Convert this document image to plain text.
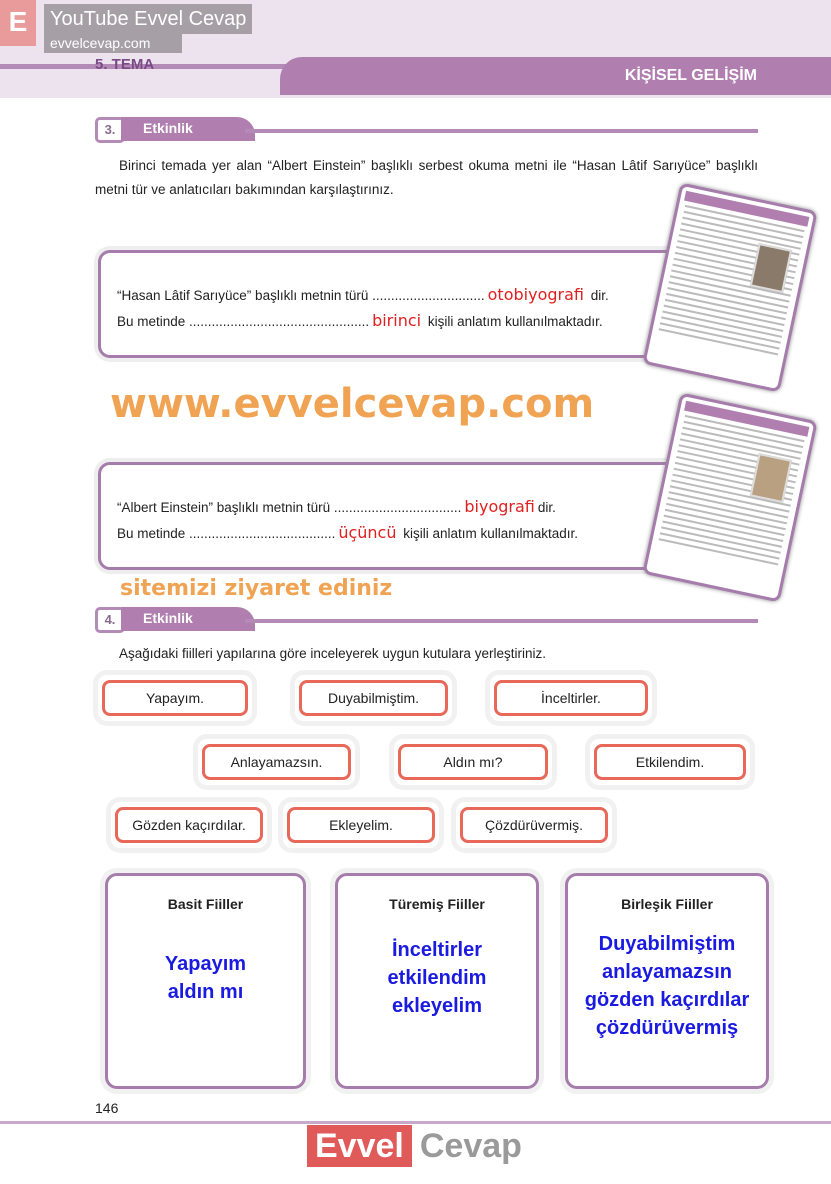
KİŞİSEL GELİŞİM
5. TEMA
E	YouTube Evvel Cevap
evvelcevap.com
3.	Etkinlik

Birinci temada yer alan “Albert Einstein” başlıklı serbest okuma metni ile “Hasan Lâtif Sarıyüce” başlıklı metni tür ve anlatıcıları bakımından karşılaştırınız.

“Hasan Lâtif Sarıyüce” başlıklı metnin türü .............................. otobiyografi dir.
Bu metinde ................................................ birinci kişili anlatım kullanılmaktadır.
“Albert Einstein” başlıklı metnin türü .................................. biyografi dir.
Bu metinde ....................................... üçüncü kişili anlatım kullanılmaktadır.
www.evvelcevap.com
sitemizi ziyaret ediniz
4.	Etkinlik

Aşağıdaki fiilleri yapılarına göre inceleyerek uygun kutulara yerleştiriniz.

Yapayım.	Duyabilmiştim.	İnceltirler.
Anlayamazsın.	Aldın mı?	Etkilendim.
Gözden kaçırdılar.	Ekleyelim.	Çözdürüvermiş.
Basit Fiiller
Yapayım
aldın mı
Türemiş Fiiller
İnceltirler
etkilendim
ekleyelim
Birleşik Fiiller
Duyabilmiştim
anlayamazsın
gözden kaçırdılar
çözdürüvermiş
146
Evvel Cevap
